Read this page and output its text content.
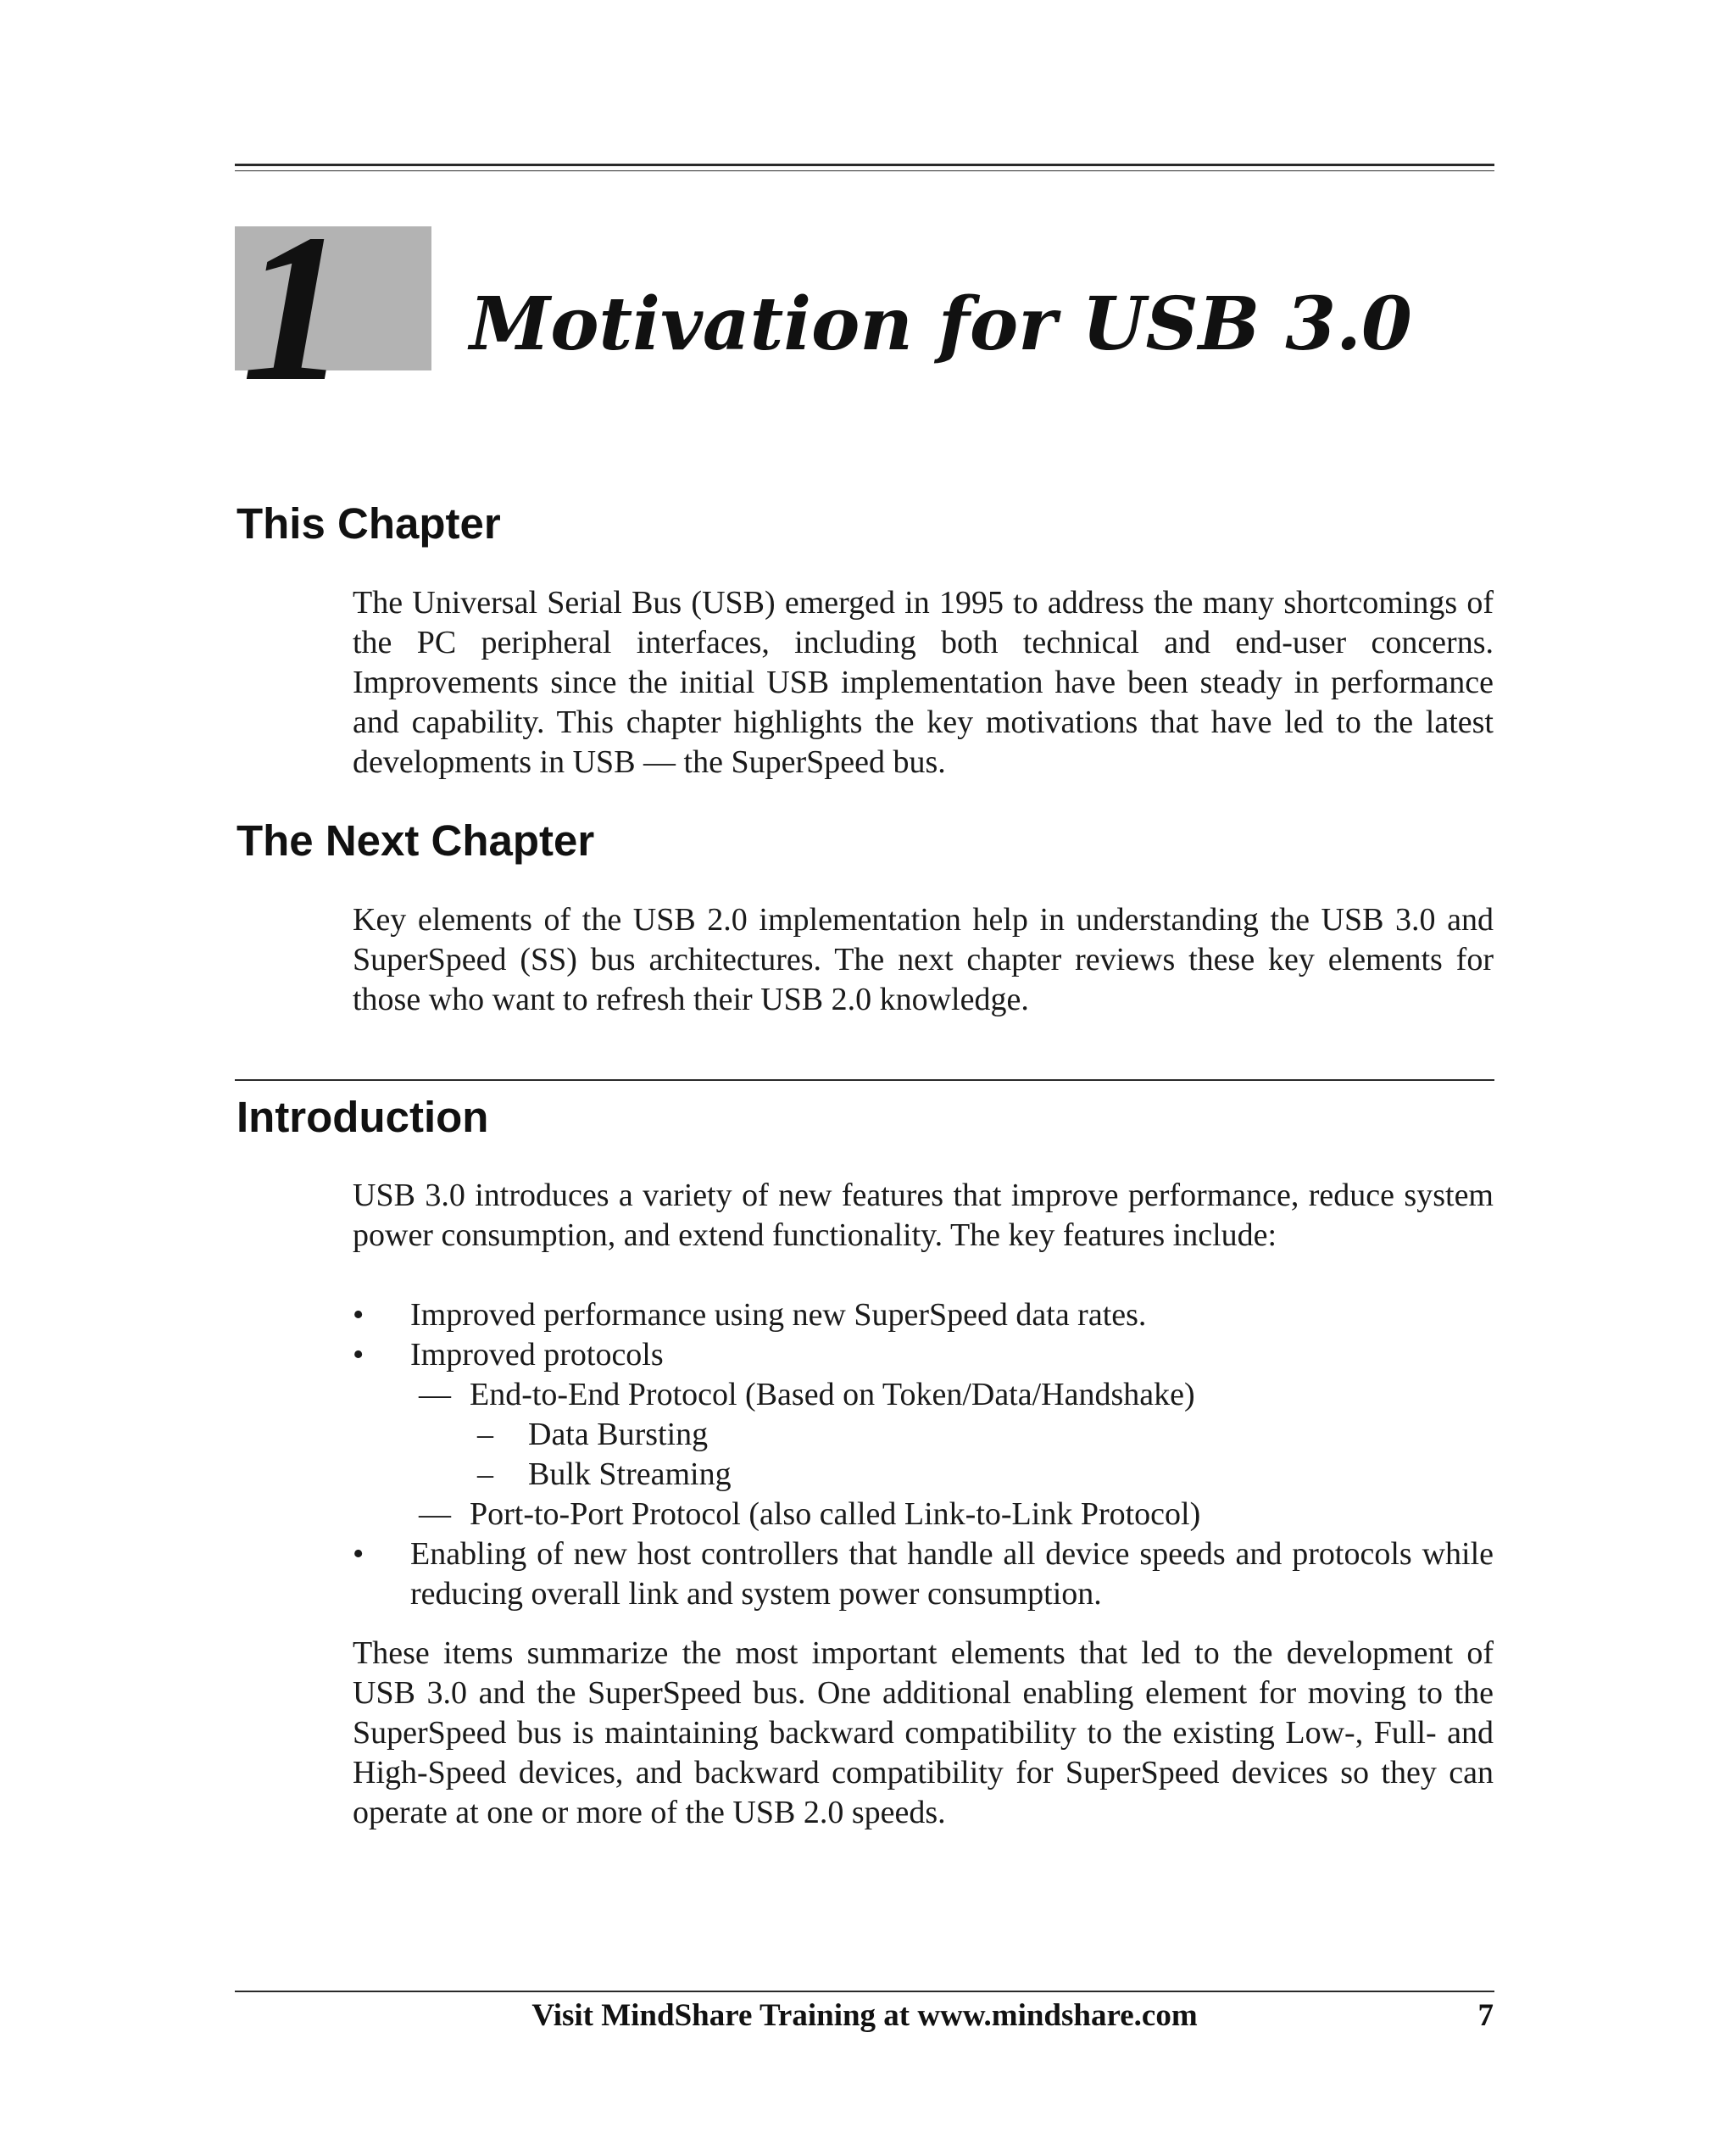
1 Motivation for USB 3.0
This Chapter

The Universal Serial Bus (USB) emerged in 1995 to address the many shortcomings of the PC peripheral interfaces, including both technical and end-user concerns. Improvements since the initial USB implementation have been steady in performance and capability. This chapter highlights the key motivations that have led to the latest developments in USB — the SuperSpeed bus.

The Next Chapter

Key elements of the USB 2.0 implementation help in understanding the USB 3.0 and SuperSpeed (SS) bus architectures. The next chapter reviews these key elements for those who want to refresh their USB 2.0 knowledge.

Introduction

USB 3.0 introduces a variety of new features that improve performance, reduce system power consumption, and extend functionality. The key features include:

• Improved performance using new SuperSpeed data rates.
• Improved protocols
— End-to-End Protocol (Based on Token/Data/Handshake)
– Data Bursting
– Bulk Streaming
— Port-to-Port Protocol (also called Link-to-Link Protocol)
• Enabling of new host controllers that handle all device speeds and protocols while reducing overall link and system power consumption.

These items summarize the most important elements that led to the development of USB 3.0 and the SuperSpeed bus. One additional enabling element for moving to the SuperSpeed bus is maintaining backward compatibility to the existing Low-, Full- and High-Speed devices, and backward compatibility for SuperSpeed devices so they can operate at one or more of the USB 2.0 speeds.

Visit MindShare Training at www.mindshare.com	7
